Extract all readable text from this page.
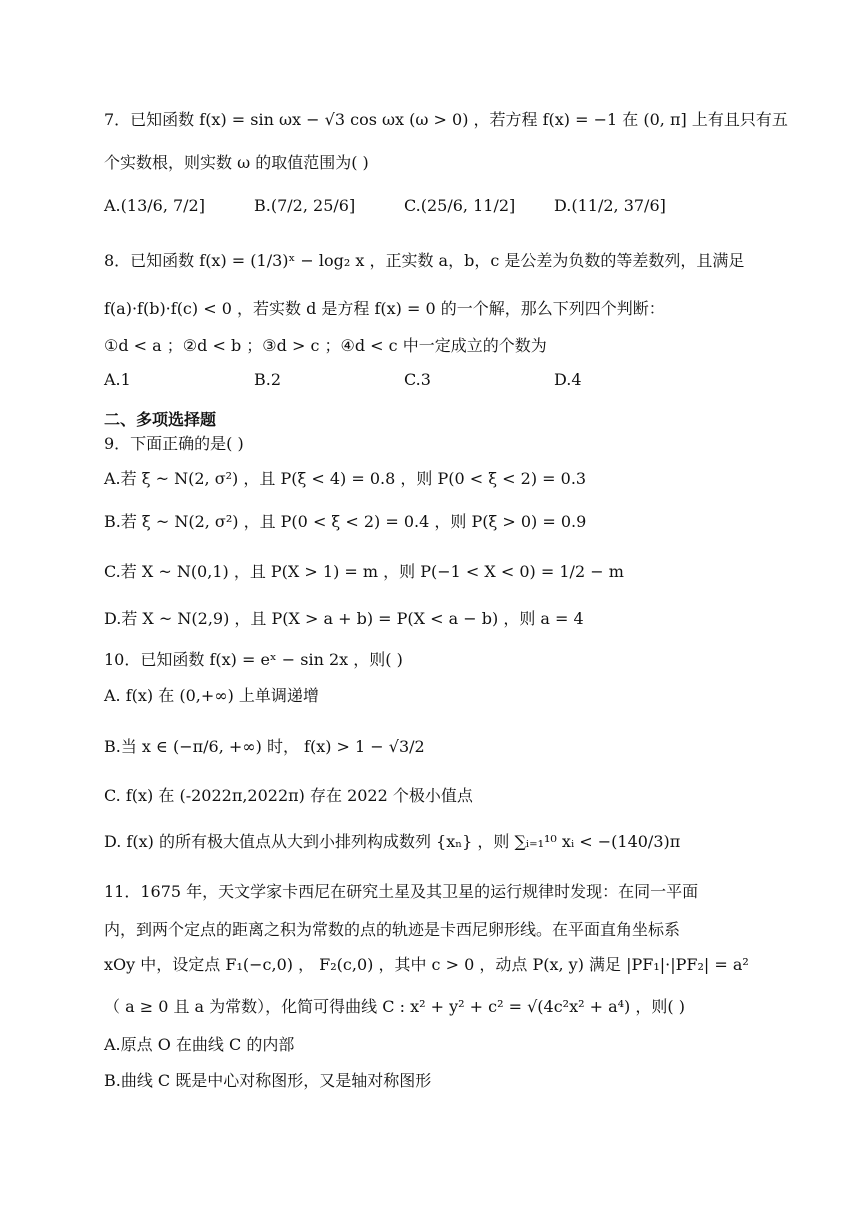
7．已知函数 f(x) = sin ωx − √3 cos ωx (ω > 0) ，若方程 f(x) = −1 在 (0, π] 上有且只有五
个实数根，则实数 ω 的取值范围为( )
A.(13/6, 7/2]	B.(7/2, 25/6]	C.(25/6, 11/2] D.(11/2, 37/6]
8．已知函数 f(x) = (1/3)ˣ − log₂ x ，正实数 a，b，c 是公差为负数的等差数列，且满足
f(a)·f(b)·f(c) < 0 ，若实数 d 是方程 f(x) = 0 的一个解，那么下列四个判断：
①d < a ；②d < b ；③d > c ；④d < c 中一定成立的个数为
A.1	B.2	C.3	D.4
二、多项选择题
9．下面正确的是( )
A.若 ξ ~ N(2, σ²) ，且 P(ξ < 4) = 0.8 ，则 P(0 < ξ < 2) = 0.3
B.若 ξ ~ N(2, σ²) ，且 P(0 < ξ < 2) = 0.4 ，则 P(ξ > 0) = 0.9
C.若 X ~ N(0,1) ，且 P(X > 1) = m ，则 P(−1 < X < 0) = 1/2 − m
D.若 X ~ N(2,9) ，且 P(X > a + b) = P(X < a − b) ，则 a = 4
10．已知函数 f(x) = eˣ − sin 2x ，则( )
A. f(x) 在 (0,+∞) 上单调递增
B.当 x ∈ (−π/6, +∞) 时， f(x) > 1 − √3/2
C. f(x) 在 (-2022π,2022π) 存在 2022 个极小值点
D. f(x) 的所有极大值点从大到小排列构成数列 {xₙ} ，则 ∑ᵢ₌₁¹⁰ xᵢ < −(140/3)π
11．1675 年，天文学家卡西尼在研究土星及其卫星的运行规律时发现：在同一平面
内，到两个定点的距离之积为常数的点的轨迹是卡西尼卵形线。在平面直角坐标系
xOy 中，设定点 F₁(−c,0) ， F₂(c,0) ，其中 c > 0 ，动点 P(x, y) 满足 |PF₁|·|PF₂| = a²
（ a ≥ 0 且 a 为常数），化简可得曲线 C : x² + y² + c² = √(4c²x² + a⁴) ，则( )
A.原点 O 在曲线 C 的内部
B.曲线 C 既是中心对称图形，又是轴对称图形
